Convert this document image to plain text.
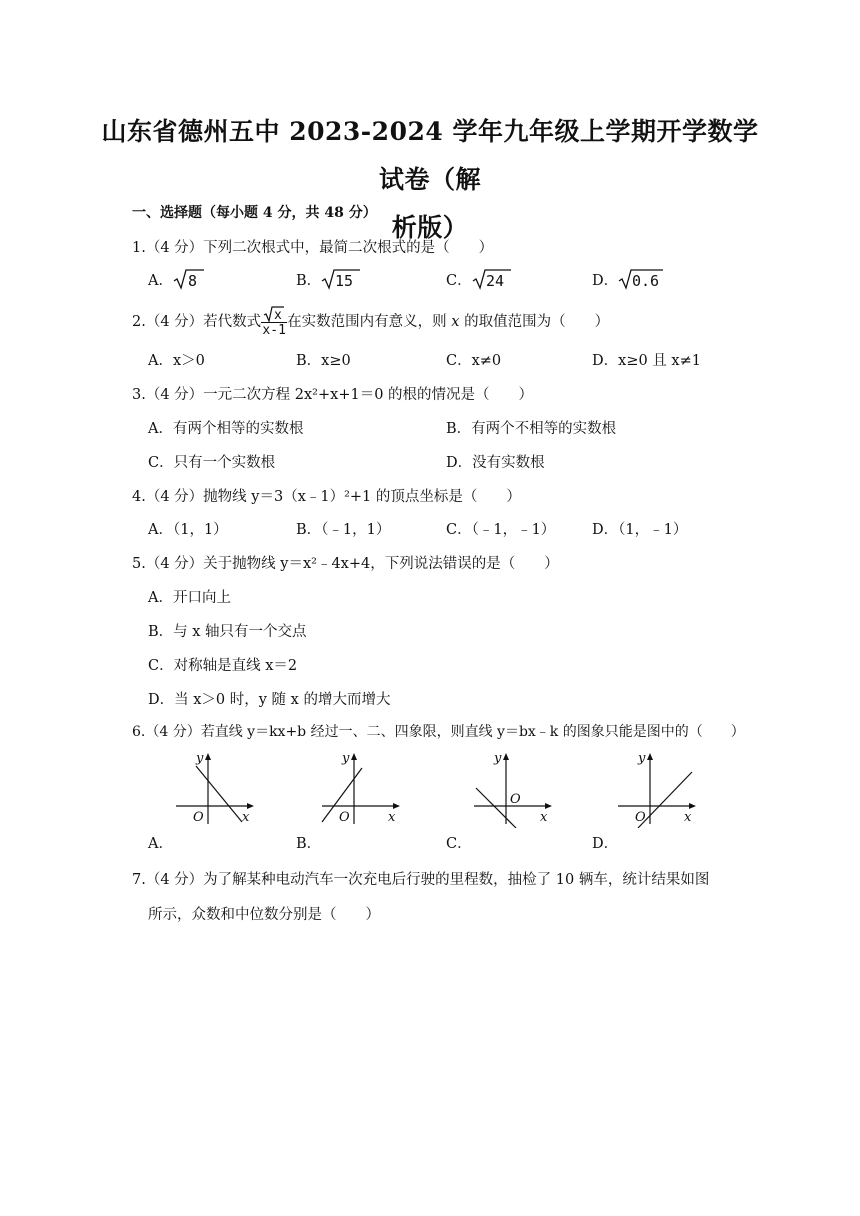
山东省德州五中 2023-2024 学年九年级上学期开学数学试卷（解
析版）
一、选择题（每小题 4 分，共 48 分）
1.（4 分）下列二次根式中，最简二次根式的是（　　）
A． 8	B． 15	C． 24	D． 0.6
2.（4 分）若代数式 $\frac{x}{x-1}$ 在实数范围内有意义，则 x 的取值范围为（　　）
A．x＞0	B．x≥0	C．x≠0	D．x≥0 且 x≠1
3.（4 分）一元二次方程 2x²+x+1＝0 的根的情况是（　　）
A．有两个相等的实数根	B．有两个不相等的实数根
C．只有一个实数根	D．没有实数根
4.（4 分）抛物线 y＝3（x﹣1）²+1 的顶点坐标是（　　）
A．（1，1）	B．（﹣1，1）	C．（﹣1，﹣1）	D．（1，﹣1）
5.（4 分）关于抛物线 y＝x²﹣4x+4，下列说法错误的是（　　）
A．开口向上
B．与 x 轴只有一个交点
C．对称轴是直线 x＝2
D．当 x＞0 时，y 随 x 的增大而增大
6.（4 分）若直线 y＝kx+b 经过一、二、四象限，则直线 y＝bx﹣k 的图象只能是图中的（　　）
y
x
O
y
x
O
y
x
O
y
x
O
A．	B．	C．	D．
7.（4 分）为了解某种电动汽车一次充电后行驶的里程数，抽检了 10 辆车，统计结果如图
所示，众数和中位数分别是（　　）
